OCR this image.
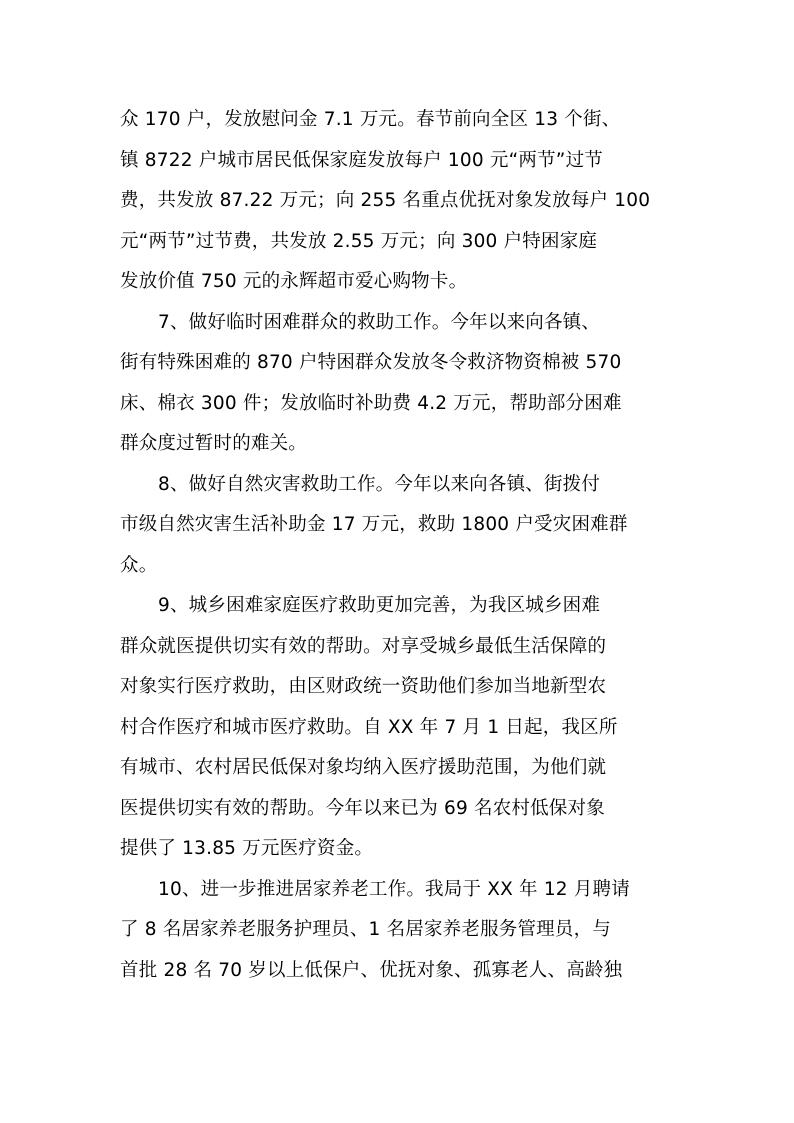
众 170 户，发放慰问金 7.1 万元。春节前向全区 13 个街、
镇 8722 户城市居民低保家庭发放每户 100 元“两节”过节
费，共发放 87.22 万元；向 255 名重点优抚对象发放每户 100
元“两节”过节费，共发放 2.55 万元；向 300 户特困家庭
发放价值 750 元的永辉超市爱心购物卡。
7、做好临时困难群众的救助工作。今年以来向各镇、
街有特殊困难的 870 户特困群众发放冬令救济物资棉被 570
床、棉衣 300 件；发放临时补助费 4.2 万元，帮助部分困难
群众度过暂时的难关。
8、做好自然灾害救助工作。今年以来向各镇、街拨付
市级自然灾害生活补助金 17 万元，救助 1800 户受灾困难群
众。
9、城乡困难家庭医疗救助更加完善，为我区城乡困难
群众就医提供切实有效的帮助。对享受城乡最低生活保障的
对象实行医疗救助，由区财政统一资助他们参加当地新型农
村合作医疗和城市医疗救助。自 XX 年 7 月 1 日起，我区所
有城市、农村居民低保对象均纳入医疗援助范围，为他们就
医提供切实有效的帮助。今年以来已为 69 名农村低保对象
提供了 13.85 万元医疗资金。
10、进一步推进居家养老工作。我局于 XX 年 12 月聘请
了 8 名居家养老服务护理员、1 名居家养老服务管理员，与
首批 28 名 70 岁以上低保户、优抚对象、孤寡老人、高龄独
